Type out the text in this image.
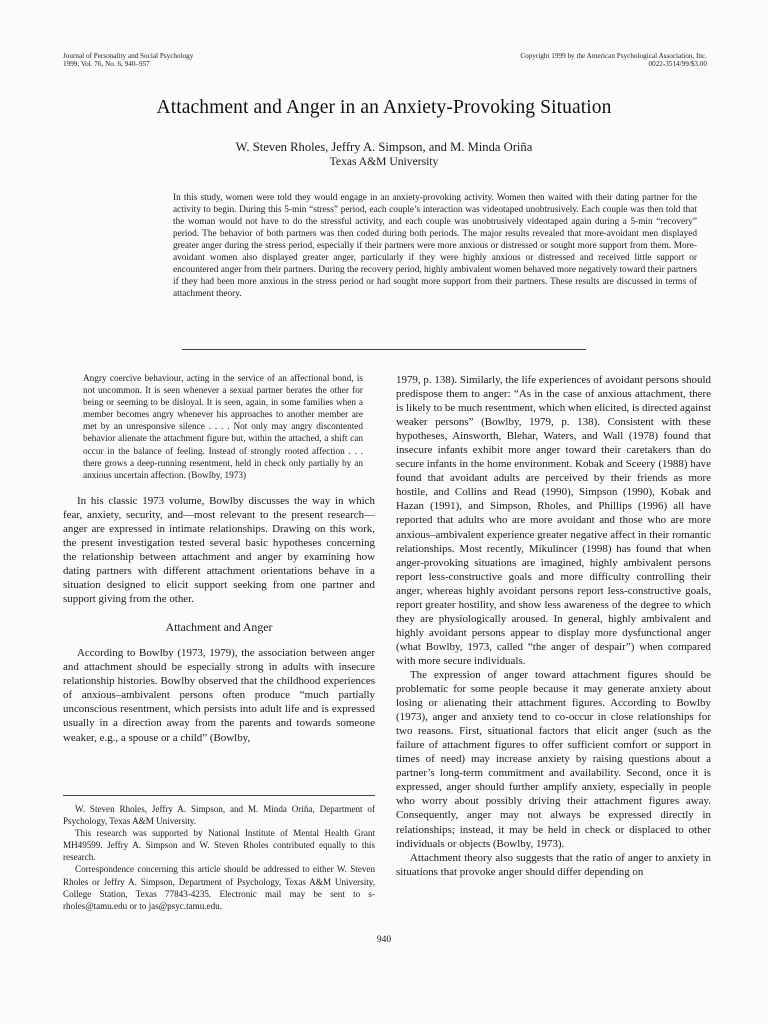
Journal of Personality and Social Psychology
1999, Vol. 76, No. 6, 940–957
Copyright 1999 by the American Psychological Association, Inc.
0022-3514/99/$3.00
Attachment and Anger in an Anxiety-Provoking Situation
W. Steven Rholes, Jeffry A. Simpson, and M. Minda Oriña
Texas A&M University

In this study, women were told they would engage in an anxiety-provoking activity. Women then waited with their dating partner for the activity to begin. During this 5-min “stress” period, each couple’s interaction was videotaped unobtrusively. Each couple was then told that the woman would not have to do the stressful activity, and each couple was unobtrusively videotaped again during a 5-min “recovery” period. The behavior of both partners was then coded during both periods. The major results revealed that more-avoidant men displayed greater anger during the stress period, especially if their partners were more anxious or distressed or sought more support from them. More-avoidant women also displayed greater anger, particularly if they were highly anxious or distressed and received little support or encountered anger from their partners. During the recovery period, highly ambivalent women behaved more negatively toward their partners if they had been more anxious in the stress period or had sought more support from their partners. These results are discussed in terms of attachment theory.

Angry coercive behaviour, acting in the service of an affectional bond, is not uncommon. It is seen whenever a sexual partner berates the other for being or seeming to be disloyal. It is seen, again, in some families when a member becomes angry whenever his approaches to another member are met by an unresponsive silence . . . . Not only may angry discontented behavior alienate the attachment figure but, within the attached, a shift can occur in the balance of feeling. Instead of strongly rooted affection . . . there grows a deep-running resentment, held in check only partially by an anxious uncertain affection. (Bowlby, 1973)

In his classic 1973 volume, Bowlby discusses the way in which fear, anxiety, security, and—most relevant to the present research—anger are expressed in intimate relationships. Drawing on this work, the present investigation tested several basic hypotheses concerning the relationship between attachment and anger by examining how dating partners with different attachment orientations behave in a situation designed to elicit support seeking from one partner and support giving from the other.

Attachment and Anger

According to Bowlby (1973, 1979), the association between anger and attachment should be especially strong in adults with insecure relationship histories. Bowlby observed that the childhood experiences of anxious–ambivalent persons often produce “much partially unconscious resentment, which persists into adult life and is expressed usually in a direction away from the parents and towards someone weaker, e.g., a spouse or a child” (Bowlby,

W. Steven Rholes, Jeffry A. Simpson, and M. Minda Oriña, Department of Psychology, Texas A&M University.

This research was supported by National Institute of Mental Health Grant MH49599. Jeffry A. Simpson and W. Steven Rholes contributed equally to this research.

Correspondence concerning this article should be addressed to either W. Steven Rholes or Jeffry A. Simpson, Department of Psychology, Texas A&M University, College Station, Texas 77843-4235. Electronic mail may be sent to s-rholes@tamu.edu or to jas@psyc.tamu.edu.

1979, p. 138). Similarly, the life experiences of avoidant persons should predispose them to anger: “As in the case of anxious attachment, there is likely to be much resentment, which when elicited, is directed against weaker persons” (Bowlby, 1979, p. 138). Consistent with these hypotheses, Ainsworth, Blehar, Waters, and Wall (1978) found that insecure infants exhibit more anger toward their caretakers than do secure infants in the home environment. Kobak and Sceery (1988) have found that avoidant adults are perceived by their friends as more hostile, and Collins and Read (1990), Simpson (1990), Kobak and Hazan (1991), and Simpson, Rholes, and Phillips (1996) all have reported that adults who are more avoidant and those who are more anxious–ambivalent experience greater negative affect in their romantic relationships. Most recently, Mikulincer (1998) has found that when anger-provoking situations are imagined, highly ambivalent persons report less-constructive goals and more difficulty controlling their anger, whereas highly avoidant persons report less-constructive goals, report greater hostility, and show less awareness of the degree to which they are physiologically aroused. In general, highly ambivalent and highly avoidant persons appear to display more dysfunctional anger (what Bowlby, 1973, called “the anger of despair”) when compared with more secure individuals.

The expression of anger toward attachment figures should be problematic for some people because it may generate anxiety about losing or alienating their attachment figures. According to Bowlby (1973), anger and anxiety tend to co-occur in close relationships for two reasons. First, situational factors that elicit anger (such as the failure of attachment figures to offer sufficient comfort or support in times of need) may increase anxiety by raising questions about a partner’s long-term commitment and availability. Second, once it is expressed, anger should further amplify anxiety, especially in people who worry about possibly driving their attachment figures away. Consequently, anger may not always be expressed directly in relationships; instead, it may be held in check or displaced to other individuals or objects (Bowlby, 1973).

Attachment theory also suggests that the ratio of anger to anxiety in situations that provoke anger should differ depending on

940
